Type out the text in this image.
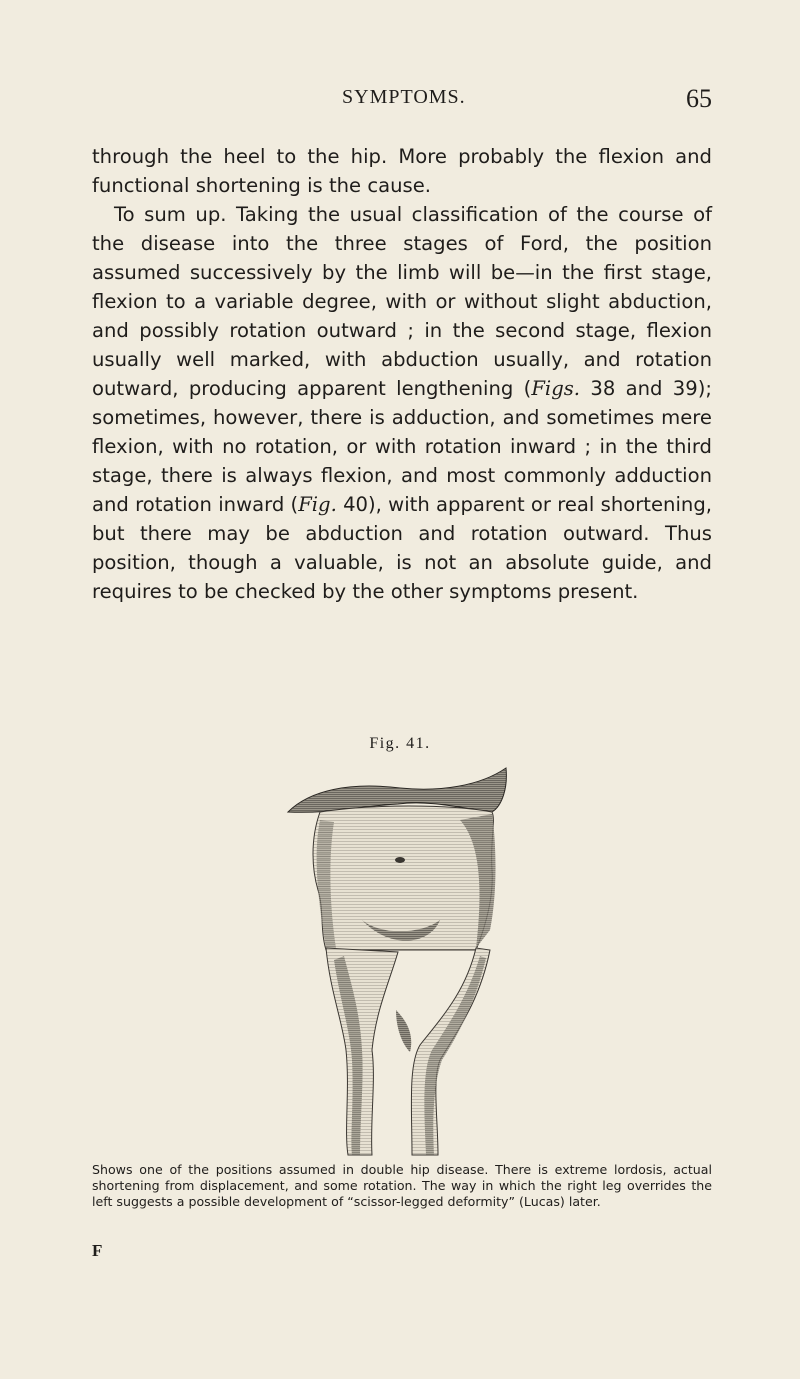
SYMPTOMS.	65

through the heel to the hip. More probably the flexion and functional shortening is the cause.

To sum up. Taking the usual classification of the course of the disease into the three stages of Ford, the position assumed successively by the limb will be—in the first stage, flexion to a variable degree, with or without slight abduction, and possibly rotation outward ; in the second stage, flexion usually well marked, with abduction usually, and rotation outward, producing apparent lengthening (Figs. 38 and 39); sometimes, however, there is adduction, and sometimes mere flexion, with no rotation, or with rotation inward ; in the third stage, there is always flexion, and most commonly adduction and rotation inward (Fig. 40), with apparent or real shortening, but there may be abduction and rotation outward. Thus position, though a valuable, is not an absolute guide, and requires to be checked by the other symptoms present.

Fig. 41.
Shows one of the positions assumed in double hip disease. There is extreme lordosis, actual shortening from displacement, and some rotation. The way in which the right leg overrides the left suggests a possible development of “scissor-legged deformity” (Lucas) later.
F
